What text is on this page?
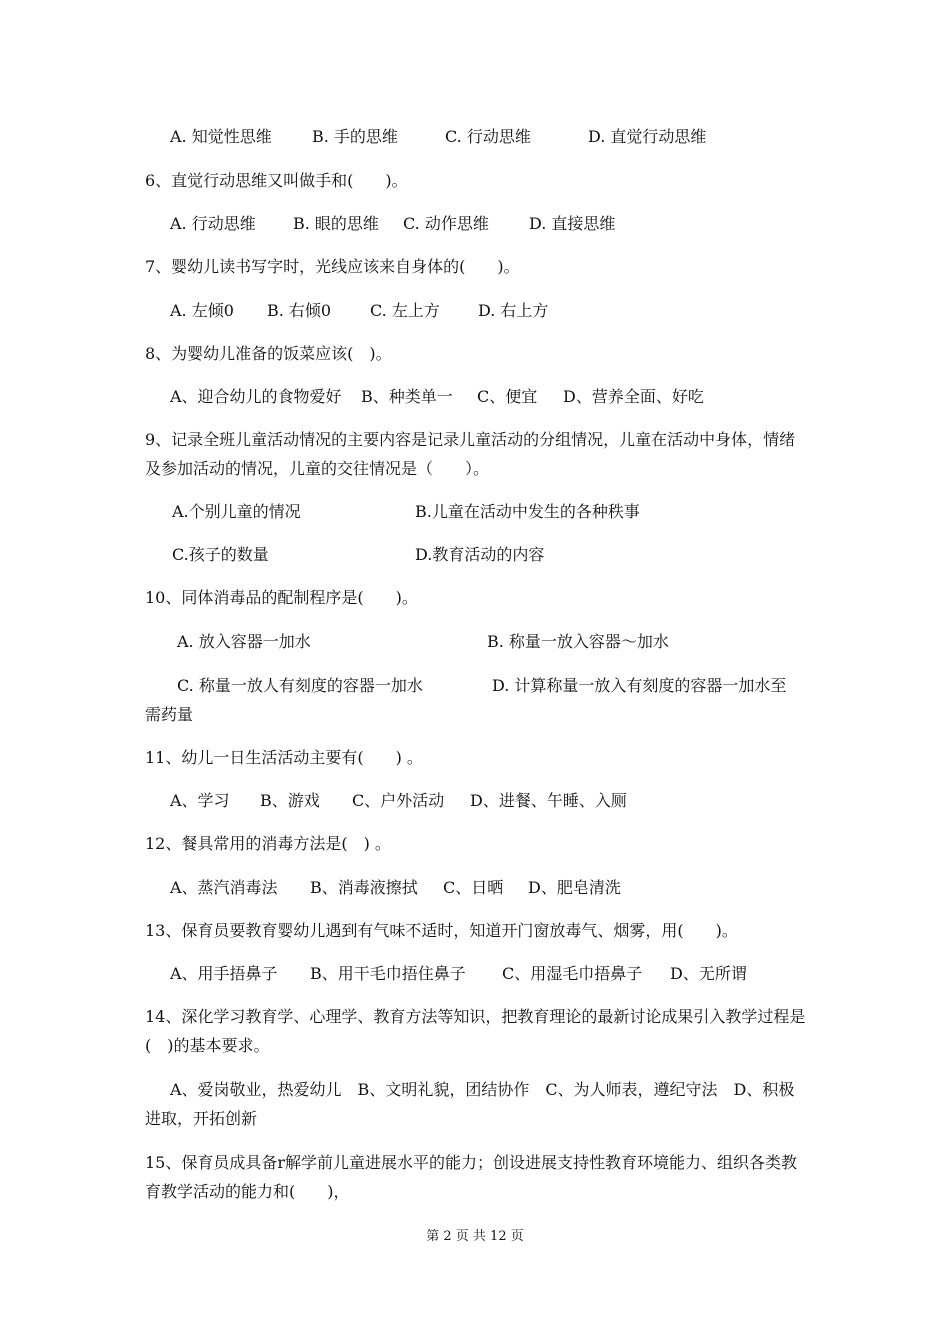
A. 知觉性思维	B. 手的思维	C. 行动思维	D. 直觉行动思维
6、直觉行动思维又叫做手和(　　)。
A. 行动思维 B. 眼的思维 C. 动作思维	D. 直接思维
7、婴幼儿读书写字时，光线应该来自身体的(　　)。
A. 左倾0 B. 右倾0 C. 左上方 D. 右上方
8、为婴幼儿准备的饭菜应该(　)。
A、迎合幼儿的食物爱好 B、种类单一 C、便宜 D、营养全面、好吃
9、记录全班儿童活动情况的主要内容是记录儿童活动的分组情况，儿童在活动中身体，情绪及参加活动的情况，儿童的交往情况是（　　）。
A.个别儿童的情况	B.儿童在活动中发生的各种秩事
C.孩子的数量	D.教育活动的内容
10、同体消毒品的配制程序是(　　)。
A. 放入容器一加水	B. 称量一放入容器～加水
C. 称量一放人有刻度的容器一加水	D. 计算称量一放入有刻度的容器一加水至
需药量
11、幼儿一日生活活动主要有(　　) 。
A、学习 B、游戏 C、户外活动 D、进餐、午睡、入厕
12、餐具常用的消毒方法是(　) 。
A、蒸汽消毒法 B、消毒液擦拭 C、日晒 D、肥皂清洗
13、保育员要教育婴幼儿遇到有气味不适时，知道开门窗放毒气、烟雾，用(　　)。
A、用手捂鼻子 B、用干毛巾捂住鼻子 C、用湿毛巾捂鼻子 D、无所谓
14、深化学习教育学、心理学、教育方法等知识，把教育理论的最新讨论成果引入教学过程是(　)的基本要求。
A、爱岗敬业，热爱幼儿　B、文明礼貌，团结协作　C、为人师表，遵纪守法　D、积极进取，开拓创新
15、保育员成具备r解学前儿童进展水平的能力；创设进展支持性教育环境能力、组织各类教育教学活动的能力和(　　)，
第 2 页 共 12 页
